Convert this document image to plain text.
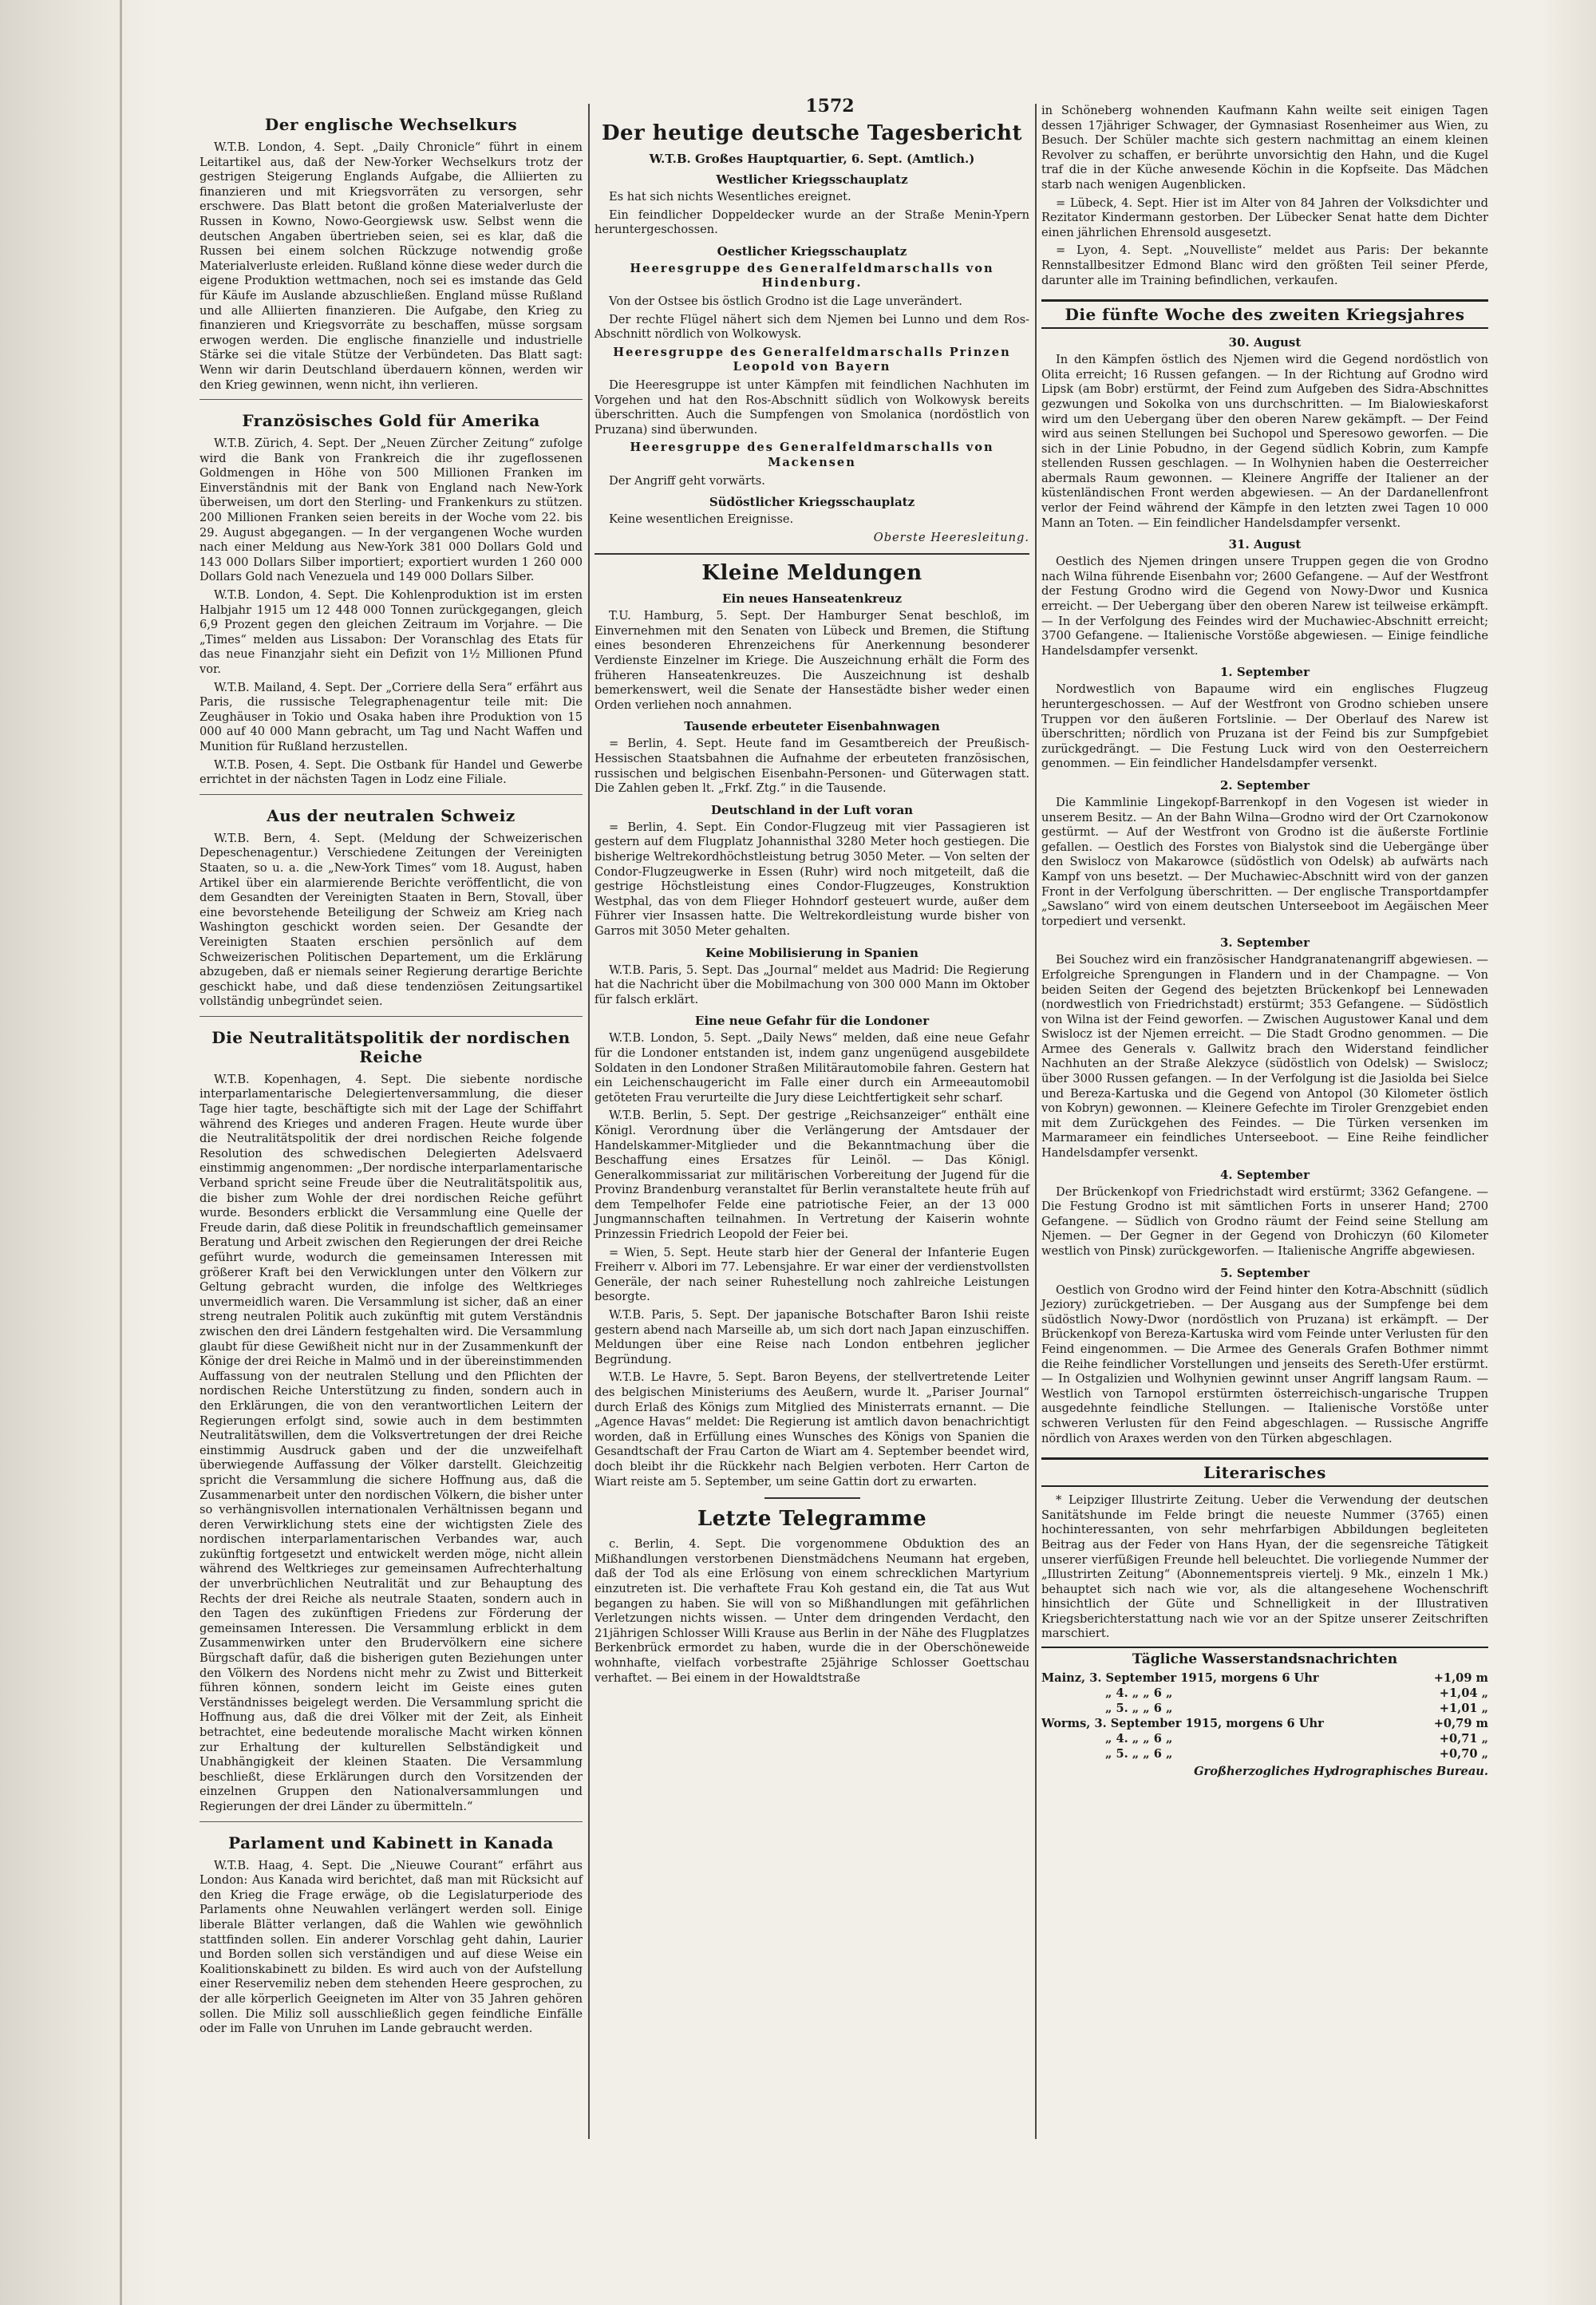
1572
Der englische Wechselkurs

W.T.B. London, 4. Sept. „Daily Chronicle“ führt in einem Leitartikel aus, daß der New-Yorker Wechselkurs trotz der gestrigen Steigerung Englands Aufgabe, die Alliierten zu finanzieren und mit Kriegsvorräten zu versorgen, sehr erschwere. Das Blatt betont die großen Materialverluste der Russen in Kowno, Nowo-Georgiewsk usw. Selbst wenn die deutschen Angaben übertrieben seien, sei es klar, daß die Russen bei einem solchen Rückzuge notwendig große Materialverluste erleiden. Rußland könne diese weder durch die eigene Produktion wettmachen, noch sei es imstande das Geld für Käufe im Auslande abzuschließen. England müsse Rußland und alle Alliierten finanzieren. Die Aufgabe, den Krieg zu finanzieren und Kriegsvorräte zu beschaffen, müsse sorgsam erwogen werden. Die englische finanzielle und industrielle Stärke sei die vitale Stütze der Verbündeten. Das Blatt sagt: Wenn wir darin Deutschland überdauern können, werden wir den Krieg gewinnen, wenn nicht, ihn verlieren.

Französisches Gold für Amerika

W.T.B. Zürich, 4. Sept. Der „Neuen Zürcher Zeitung“ zufolge wird die Bank von Frankreich die ihr zugeflossenen Goldmengen in Höhe von 500 Millionen Franken im Einverständnis mit der Bank von England nach New-York überweisen, um dort den Sterling- und Frankenkurs zu stützen. 200 Millionen Franken seien bereits in der Woche vom 22. bis 29. August abgegangen. — In der vergangenen Woche wurden nach einer Meldung aus New-York 381 000 Dollars Gold und 143 000 Dollars Silber importiert; exportiert wurden 1 260 000 Dollars Gold nach Venezuela und 149 000 Dollars Silber.

W.T.B. London, 4. Sept. Die Kohlenproduktion ist im ersten Halbjahr 1915 um 12 448 000 Tonnen zurückgegangen, gleich 6,9 Prozent gegen den gleichen Zeitraum im Vorjahre. — Die „Times“ melden aus Lissabon: Der Voranschlag des Etats für das neue Finanzjahr sieht ein Defizit von 1½ Millionen Pfund vor.

W.T.B. Mailand, 4. Sept. Der „Corriere della Sera“ erfährt aus Paris, die russische Telegraphenagentur teile mit: Die Zeughäuser in Tokio und Osaka haben ihre Produktion von 15 000 auf 40 000 Mann gebracht, um Tag und Nacht Waffen und Munition für Rußland herzustellen.

W.T.B. Posen, 4. Sept. Die Ostbank für Handel und Gewerbe errichtet in der nächsten Tagen in Lodz eine Filiale.

Aus der neutralen Schweiz

W.T.B. Bern, 4. Sept. (Meldung der Schweizerischen Depeschenagentur.) Verschiedene Zeitungen der Vereinigten Staaten, so u. a. die „New-York Times“ vom 18. August, haben Artikel über ein alarmierende Berichte veröffentlicht, die von dem Gesandten der Vereinigten Staaten in Bern, Stovall, über eine bevorstehende Beteiligung der Schweiz am Krieg nach Washington geschickt worden seien. Der Gesandte der Vereinigten Staaten erschien persönlich auf dem Schweizerischen Politischen Departement, um die Erklärung abzugeben, daß er niemals seiner Regierung derartige Berichte geschickt habe, und daß diese tendenziösen Zeitungsartikel vollständig unbegründet seien.

Die Neutralitätspolitik der nordischen Reiche

W.T.B. Kopenhagen, 4. Sept. Die siebente nordische interparlamentarische Delegiertenversammlung, die dieser Tage hier tagte, beschäftigte sich mit der Lage der Schiffahrt während des Krieges und anderen Fragen. Heute wurde über die Neutralitätspolitik der drei nordischen Reiche folgende Resolution des schwedischen Delegierten Adelsvaerd einstimmig angenommen: „Der nordische interparlamentarische Verband spricht seine Freude über die Neutralitätspolitik aus, die bisher zum Wohle der drei nordischen Reiche geführt wurde. Besonders erblickt die Versammlung eine Quelle der Freude darin, daß diese Politik in freundschaftlich gemeinsamer Beratung und Arbeit zwischen den Regierungen der drei Reiche geführt wurde, wodurch die gemeinsamen Interessen mit größerer Kraft bei den Verwicklungen unter den Völkern zur Geltung gebracht wurden, die infolge des Weltkrieges unvermeidlich waren. Die Versammlung ist sicher, daß an einer streng neutralen Politik auch zukünftig mit gutem Verständnis zwischen den drei Ländern festgehalten wird. Die Versammlung glaubt für diese Gewißheit nicht nur in der Zusammenkunft der Könige der drei Reiche in Malmö und in der übereinstimmenden Auffassung von der neutralen Stellung und den Pflichten der nordischen Reiche Unterstützung zu finden, sondern auch in den Erklärungen, die von den verantwortlichen Leitern der Regierungen erfolgt sind, sowie auch in dem bestimmten Neutralitätswillen, dem die Volksvertretungen der drei Reiche einstimmig Ausdruck gaben und der die unzweifelhaft überwiegende Auffassung der Völker darstellt. Gleichzeitig spricht die Versammlung die sichere Hoffnung aus, daß die Zusammenarbeit unter den nordischen Völkern, die bisher unter so verhängnisvollen internationalen Verhältnissen begann und deren Verwirklichung stets eine der wichtigsten Ziele des nordischen interparlamentarischen Verbandes war, auch zukünftig fortgesetzt und entwickelt werden möge, nicht allein während des Weltkrieges zur gemeinsamen Aufrechterhaltung der unverbrüchlichen Neutralität und zur Behauptung des Rechts der drei Reiche als neutrale Staaten, sondern auch in den Tagen des zukünftigen Friedens zur Förderung der gemeinsamen Interessen. Die Versammlung erblickt in dem Zusammenwirken unter den Brudervölkern eine sichere Bürgschaft dafür, daß die bisherigen guten Beziehungen unter den Völkern des Nordens nicht mehr zu Zwist und Bitterkeit führen können, sondern leicht im Geiste eines guten Verständnisses beigelegt werden. Die Versammlung spricht die Hoffnung aus, daß die drei Völker mit der Zeit, als Einheit betrachtet, eine bedeutende moralische Macht wirken können zur Erhaltung der kulturellen Selbständigkeit und Unabhängigkeit der kleinen Staaten. Die Versammlung beschließt, diese Erklärungen durch den Vorsitzenden der einzelnen Gruppen den Nationalversammlungen und Regierungen der drei Länder zu übermitteln.“

Parlament und Kabinett in Kanada

W.T.B. Haag, 4. Sept. Die „Nieuwe Courant“ erfährt aus London: Aus Kanada wird berichtet, daß man mit Rücksicht auf den Krieg die Frage erwäge, ob die Legislaturperiode des Parlaments ohne Neuwahlen verlängert werden soll. Einige liberale Blätter verlangen, daß die Wahlen wie gewöhnlich stattfinden sollen. Ein anderer Vorschlag geht dahin, Laurier und Borden sollen sich verständigen und auf diese Weise ein Koalitionskabinett zu bilden. Es wird auch von der Aufstellung einer Reservemiliz neben dem stehenden Heere gesprochen, zu der alle körperlich Geeigneten im Alter von 35 Jahren gehören sollen. Die Miliz soll ausschließlich gegen feindliche Einfälle oder im Falle von Unruhen im Lande gebraucht werden.

Der heutige deutsche Tagesbericht
W.T.B. Großes Hauptquartier, 6. Sept. (Amtlich.)
Westlicher Kriegsschauplatz

Es hat sich nichts Wesentliches ereignet.

Ein feindlicher Doppeldecker wurde an der Straße Menin-Ypern heruntergeschossen.

Oestlicher Kriegsschauplatz

Heeresgruppe des Generalfeldmarschalls von Hindenburg.

Von der Ostsee bis östlich Grodno ist die Lage unverändert.

Der rechte Flügel nähert sich dem Njemen bei Lunno und dem Ros-Abschnitt nördlich von Wolkowysk.

Heeresgruppe des Generalfeldmarschalls Prinzen Leopold von Bayern

Die Heeresgruppe ist unter Kämpfen mit feindlichen Nachhuten im Vorgehen und hat den Ros-Abschnitt südlich von Wolkowysk bereits überschritten. Auch die Sumpfengen von Smolanica (nordöstlich von Pruzana) sind überwunden.

Heeresgruppe des Generalfeldmarschalls von Mackensen

Der Angriff geht vorwärts.

Südöstlicher Kriegsschauplatz

Keine wesentlichen Ereignisse.

Oberste Heeresleitung.

Kleine Meldungen
Ein neues Hanseatenkreuz

T.U. Hamburg, 5. Sept. Der Hamburger Senat beschloß, im Einvernehmen mit den Senaten von Lübeck und Bremen, die Stiftung eines besonderen Ehrenzeichens für Anerkennung besonderer Verdienste Einzelner im Kriege. Die Auszeichnung erhält die Form des früheren Hanseatenkreuzes. Die Auszeichnung ist deshalb bemerkenswert, weil die Senate der Hansestädte bisher weder einen Orden verliehen noch annahmen.

Tausende erbeuteter Eisenbahnwagen

= Berlin, 4. Sept. Heute fand im Gesamtbereich der Preußisch-Hessischen Staatsbahnen die Aufnahme der erbeuteten französischen, russischen und belgischen Eisenbahn-Personen- und Güterwagen statt. Die Zahlen geben lt. „Frkf. Ztg.“ in die Tausende.

Deutschland in der Luft voran

= Berlin, 4. Sept. Ein Condor-Flugzeug mit vier Passagieren ist gestern auf dem Flugplatz Johannisthal 3280 Meter hoch gestiegen. Die bisherige Weltrekordhöchstleistung betrug 3050 Meter. — Von selten der Condor-Flugzeugwerke in Essen (Ruhr) wird noch mitgeteilt, daß die gestrige Höchstleistung eines Condor-Flugzeuges, Konstruktion Westphal, das von dem Flieger Hohndorf gesteuert wurde, außer dem Führer vier Insassen hatte. Die Weltrekordleistung wurde bisher von Garros mit 3050 Meter gehalten.

Keine Mobilisierung in Spanien

W.T.B. Paris, 5. Sept. Das „Journal“ meldet aus Madrid: Die Regierung hat die Nachricht über die Mobilmachung von 300 000 Mann im Oktober für falsch erklärt.

Eine neue Gefahr für die Londoner

W.T.B. London, 5. Sept. „Daily News“ melden, daß eine neue Gefahr für die Londoner entstanden ist, indem ganz ungenügend ausgebildete Soldaten in den Londoner Straßen Militärautomobile fahren. Gestern hat ein Leichenschaugericht im Falle einer durch ein Armeeautomobil getöteten Frau verurteilte die Jury diese Leichtfertigkeit sehr scharf.

W.T.B. Berlin, 5. Sept. Der gestrige „Reichsanzeiger“ enthält eine Königl. Verordnung über die Verlängerung der Amtsdauer der Handelskammer-Mitglieder und die Bekanntmachung über die Beschaffung eines Ersatzes für Leinöl. — Das Königl. Generalkommissariat zur militärischen Vorbereitung der Jugend für die Provinz Brandenburg veranstaltet für Berlin veranstaltete heute früh auf dem Tempelhofer Felde eine patriotische Feier, an der 13 000 Jungmannschaften teilnahmen. In Vertretung der Kaiserin wohnte Prinzessin Friedrich Leopold der Feier bei.

= Wien, 5. Sept. Heute starb hier der General der Infanterie Eugen Freiherr v. Albori im 77. Lebensjahre. Er war einer der verdienstvollsten Generäle, der nach seiner Ruhestellung noch zahlreiche Leistungen besorgte.

W.T.B. Paris, 5. Sept. Der japanische Botschafter Baron Ishii reiste gestern abend nach Marseille ab, um sich dort nach Japan einzuschiffen. Meldungen über eine Reise nach London entbehren jeglicher Begründung.

W.T.B. Le Havre, 5. Sept. Baron Beyens, der stellvertretende Leiter des belgischen Ministeriums des Aeußern, wurde lt. „Pariser Journal“ durch Erlaß des Königs zum Mitglied des Ministerrats ernannt. — Die „Agence Havas“ meldet: Die Regierung ist amtlich davon benachrichtigt worden, daß in Erfüllung eines Wunsches des Königs von Spanien die Gesandtschaft der Frau Carton de Wiart am 4. September beendet wird, doch bleibt ihr die Rückkehr nach Belgien verboten. Herr Carton de Wiart reiste am 5. September, um seine Gattin dort zu erwarten.

Letzte Telegramme

c. Berlin, 4. Sept. Die vorgenommene Obduktion des an Mißhandlungen verstorbenen Dienstmädchens Neumann hat ergeben, daß der Tod als eine Erlösung von einem schrecklichen Martyrium einzutreten ist. Die verhaftete Frau Koh gestand ein, die Tat aus Wut begangen zu haben. Sie will von so Mißhandlungen mit gefährlichen Verletzungen nichts wissen. — Unter dem dringenden Verdacht, den 21jährigen Schlosser Willi Krause aus Berlin in der Nähe des Flugplatzes Berkenbrück ermordet zu haben, wurde die in der Oberschöneweide wohnhafte, vielfach vorbestrafte 25jährige Schlosser Goettschau verhaftet. — Bei einem in der Howaldtstraße

in Schöneberg wohnenden Kaufmann Kahn weilte seit einigen Tagen dessen 17jähriger Schwager, der Gymnasiast Rosenheimer aus Wien, zu Besuch. Der Schüler machte sich gestern nachmittag an einem kleinen Revolver zu schaffen, er berührte unvorsichtig den Hahn, und die Kugel traf die in der Küche anwesende Köchin in die Kopfseite. Das Mädchen starb nach wenigen Augenblicken.

= Lübeck, 4. Sept. Hier ist im Alter von 84 Jahren der Volksdichter und Rezitator Kindermann gestorben. Der Lübecker Senat hatte dem Dichter einen jährlichen Ehrensold ausgesetzt.

= Lyon, 4. Sept. „Nouvelliste“ meldet aus Paris: Der bekannte Rennstallbesitzer Edmond Blanc wird den größten Teil seiner Pferde, darunter alle im Training befindlichen, verkaufen.

Die fünfte Woche des zweiten Kriegsjahres
30. August

In den Kämpfen östlich des Njemen wird die Gegend nordöstlich von Olita erreicht; 16 Russen gefangen. — In der Richtung auf Grodno wird Lipsk (am Bobr) erstürmt, der Feind zum Aufgeben des Sidra-Abschnittes gezwungen und Sokolka von uns durchschritten. — Im Bialowieskaforst wird um den Uebergang über den oberen Narew gekämpft. — Der Feind wird aus seinen Stellungen bei Suchopol und Speresowo geworfen. — Die sich in der Linie Pobudno, in der Gegend südlich Kobrin, zum Kampfe stellenden Russen geschlagen. — In Wolhynien haben die Oesterreicher abermals Raum gewonnen. — Kleinere Angriffe der Italiener an der küstenländischen Front werden abgewiesen. — An der Dardanellenfront verlor der Feind während der Kämpfe in den letzten zwei Tagen 10 000 Mann an Toten. — Ein feindlicher Handelsdampfer versenkt.

31. August

Oestlich des Njemen dringen unsere Truppen gegen die von Grodno nach Wilna führende Eisenbahn vor; 2600 Gefangene. — Auf der Westfront der Festung Grodno wird die Gegend von Nowy-Dwor und Kusnica erreicht. — Der Uebergang über den oberen Narew ist teilweise erkämpft. — In der Verfolgung des Feindes wird der Muchawiec-Abschnitt erreicht; 3700 Gefangene. — Italienische Vorstöße abgewiesen. — Einige feindliche Handelsdampfer versenkt.

1. September

Nordwestlich von Bapaume wird ein englisches Flugzeug heruntergeschossen. — Auf der Westfront von Grodno schieben unsere Truppen vor den äußeren Fortslinie. — Der Oberlauf des Narew ist überschritten; nördlich von Pruzana ist der Feind bis zur Sumpfgebiet zurückgedrängt. — Die Festung Luck wird von den Oesterreichern genommen. — Ein feindlicher Handelsdampfer versenkt.

2. September

Die Kammlinie Lingekopf-Barrenkopf in den Vogesen ist wieder in unserem Besitz. — An der Bahn Wilna—Grodno wird der Ort Czarnokonow gestürmt. — Auf der Westfront von Grodno ist die äußerste Fortlinie gefallen. — Oestlich des Forstes von Bialystok sind die Uebergänge über den Swislocz von Makarowce (südöstlich von Odelsk) ab aufwärts nach Kampf von uns besetzt. — Der Muchawiec-Abschnitt wird von der ganzen Front in der Verfolgung überschritten. — Der englische Transportdampfer „Sawslano“ wird von einem deutschen Unterseeboot im Aegäischen Meer torpediert und versenkt.

3. September

Bei Souchez wird ein französischer Handgranatenangriff abgewiesen. — Erfolgreiche Sprengungen in Flandern und in der Champagne. — Von beiden Seiten der Gegend des bejetzten Brückenkopf bei Lennewaden (nordwestlich von Friedrichstadt) erstürmt; 353 Gefangene. — Südöstlich von Wilna ist der Feind geworfen. — Zwischen Augustower Kanal und dem Swislocz ist der Njemen erreicht. — Die Stadt Grodno genommen. — Die Armee des Generals v. Gallwitz brach den Widerstand feindlicher Nachhuten an der Straße Alekzyce (südöstlich von Odelsk) — Swislocz; über 3000 Russen gefangen. — In der Verfolgung ist die Jasiolda bei Sielce und Bereza-Kartuska und die Gegend von Antopol (30 Kilometer östlich von Kobryn) gewonnen. — Kleinere Gefechte im Tiroler Grenzgebiet enden mit dem Zurückgehen des Feindes. — Die Türken versenken im Marmarameer ein feindliches Unterseeboot. — Eine Reihe feindlicher Handelsdampfer versenkt.

4. September

Der Brückenkopf von Friedrichstadt wird erstürmt; 3362 Gefangene. — Die Festung Grodno ist mit sämtlichen Forts in unserer Hand; 2700 Gefangene. — Südlich von Grodno räumt der Feind seine Stellung am Njemen. — Der Gegner in der Gegend von Drohiczyn (60 Kilometer westlich von Pinsk) zurückgeworfen. — Italienische Angriffe abgewiesen.

5. September

Oestlich von Grodno wird der Feind hinter den Kotra-Abschnitt (südlich Jeziory) zurückgetrieben. — Der Ausgang aus der Sumpfenge bei dem südöstlich Nowy-Dwor (nordöstlich von Pruzana) ist erkämpft. — Der Brückenkopf von Bereza-Kartuska wird vom Feinde unter Verlusten für den Feind eingenommen. — Die Armee des Generals Grafen Bothmer nimmt die Reihe feindlicher Vorstellungen und jenseits des Sereth-Ufer erstürmt. — In Ostgalizien und Wolhynien gewinnt unser Angriff langsam Raum. — Westlich von Tarnopol erstürmten österreichisch-ungarische Truppen ausgedehnte feindliche Stellungen. — Italienische Vorstöße unter schweren Verlusten für den Feind abgeschlagen. — Russische Angriffe nördlich von Araxes werden von den Türken abgeschlagen.

Literarisches

* Leipziger Illustrirte Zeitung. Ueber die Verwendung der deutschen Sanitätshunde im Felde bringt die neueste Nummer (3765) einen hochinteressanten, von sehr mehrfarbigen Abbildungen begleiteten Beitrag aus der Feder von Hans Hyan, der die segensreiche Tätigkeit unserer vierfüßigen Freunde hell beleuchtet. Die vorliegende Nummer der „Illustrirten Zeitung“ (Abonnementspreis viertelj. 9 Mk., einzeln 1 Mk.) behauptet sich nach wie vor, als die altangesehene Wochenschrift hinsichtlich der Güte und Schnelligkeit in der Illustrativen Kriegsberichterstattung nach wie vor an der Spitze unserer Zeitschriften marschiert.

Tägliche Wasserstandsnachrichten
Mainz, 3. September 1915, morgens 6 Uhr	+1,09 m
„ 4. „ „ 6 „	+1,04 „
„ 5. „ „ 6 „	+1,01 „
Worms, 3. September 1915, morgens 6 Uhr	+0,79 m
„ 4. „ „ 6 „	+0,71 „
„ 5. „ „ 6 „	+0,70 „
Großherzogliches Hydrographisches Bureau.
